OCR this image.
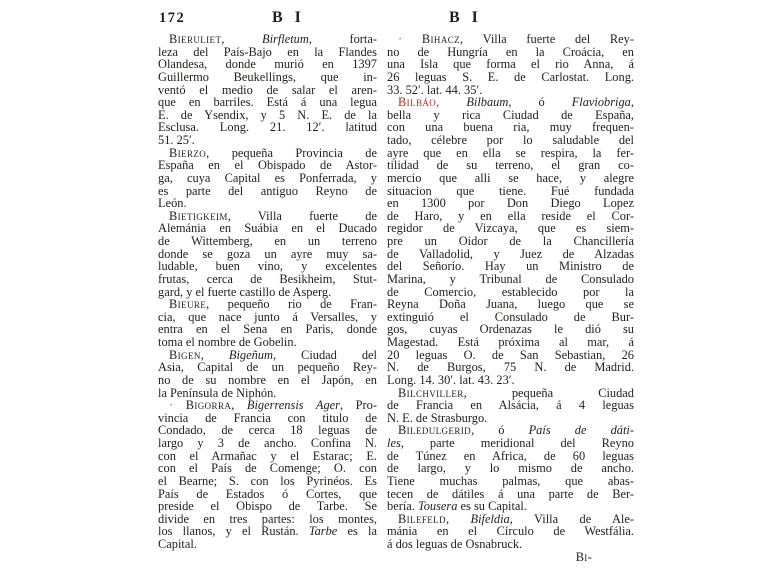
172	B I	B I
Bieruliet, Birfletum, forta-
leza del País-Bajo en la Flandes
Olandesa, donde murió en 1397
Guillermo Beukellings, que in-
ventó el medio de salar el aren-
que en barriles. Está á una legua
E. de Ysendix, y 5 N. E. de la
Esclusa. Long. 21. 12′. latitud
51. 25′.
Bierzo, pequeña Provincia de
España en el Obispado de Astor-
ga, cuya Capital es Ponferrada, y
es parte del antiguo Reyno de
León.
Bietigkeim, Villa fuerte de
Alemánia en Suábia en el Ducado
de Wittemberg, en un terreno
donde se goza un ayre muy sa-
ludable, buen vino, y excelentes
frutas, cerca de Besikheim, Stut-
gard, y el fuerte castillo de Asperg.
Bieure, pequeño rio de Fran-
cia, que nace junto á Versalles, y
entra en el Sena en Paris, donde
toma el nombre de Gobelin.
Bigen, Bigeñum, Ciudad del
Asia, Capital de un pequeño Rey-
no de su nombre en el Japón, en
la Península de Niphón.
· Bigorra, Bigerrensis Ager, Pro-
vincia de Francia con titulo de
Condado, de cerca 18 leguas de
largo y 3 de ancho. Confina N.
con el Armañac y el Estarac; E.
con el País de Comenge; O. con
el Bearne; S. con los Pyrinéos. Es
País de Estados ó Cortes, que
preside el Obispo de Tarbe. Se
divide en tres partes: los montes,
los llanos, y el Rustán. Tarbe es la
Capital.
· Bihacz, Villa fuerte del Rey-
no de Hungría en la Croácia, en
una Isla que forma el rio Anna, á
26 leguas S. E. de Carlostat. Long.
33. 52′. lat. 44. 35′.
Bilbáo, Bilbaum, ó Flaviobriga,
bella y rica Ciudad de España,
con una buena ria, muy frequen-
tado, célebre por lo saludable del
ayre que en ella se respira, la fer-
tilidad de su terreno, el gran co-
mercio que alli se hace, y alegre
situacion que tiene. Fué fundada
en 1300 por Don Diego Lopez
de Haro, y en ella reside el Cor-
regidor de Vizcaya, que es siem-
pre un Oidor de la Chancillería
de Valladolid, y Juez de Alzadas
del Señorío. Hay un Ministro de
Marina, y Tribunal de Consulado
de Comercio, establecido por la
Reyna Doña Juana, luego que se
extinguió el Consulado de Bur-
gos, cuyas Ordenazas le dió su
Magestad. Está próxima al mar, á
20 leguas O. de San Sebastian, 26
N. de Burgos, 75 N. de Madrid.
Long. 14. 30′. lat. 43. 23′.
Bilchviller, pequeña Ciudad
de Francia en Alsácia, á 4 leguas
N. E. de Strasburgo.
Biledulgerid, ó País de dáti-
les, parte meridional del Reyno
de Túnez en Africa, de 60 leguas
de largo, y lo mismo de ancho.
Tiene muchas palmas, que abas-
tecen de dátiles á una parte de Ber-
bería. Tousera es su Capital.
Bilefeld, Bifeldia, Villa de Ale-
mánia en el Círculo de Westfália.
á dos leguas de Osnabruck.
Bi-
